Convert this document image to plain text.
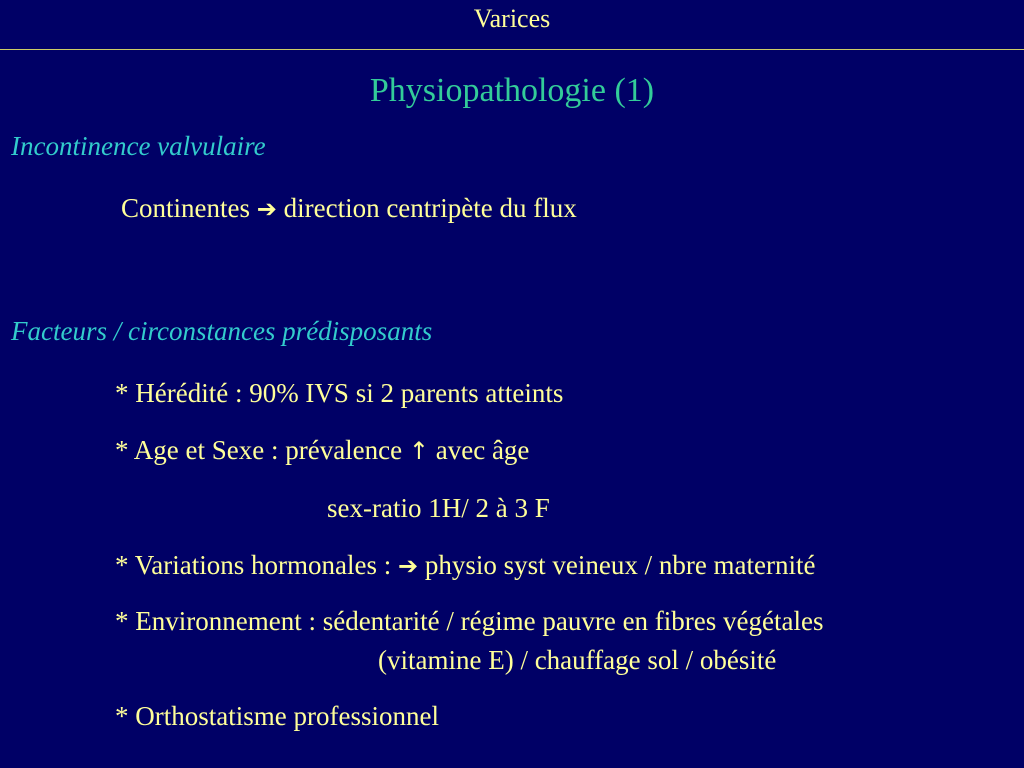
Varices
Physiopathologie (1)
Incontinence valvulaire
Continentes ➔ direction centripète du flux
Facteurs / circonstances prédisposants
* Hérédité : 90% IVS si 2 parents atteints
* Age et Sexe : prévalence ↑ avec âge
sex-ratio 1H/ 2 à 3 F
* Variations hormonales : ➔ physio syst veineux / nbre maternité
* Environnement : sédentarité / régime pauvre en fibres végétales
(vitamine E) / chauffage sol / obésité
* Orthostatisme professionnel
